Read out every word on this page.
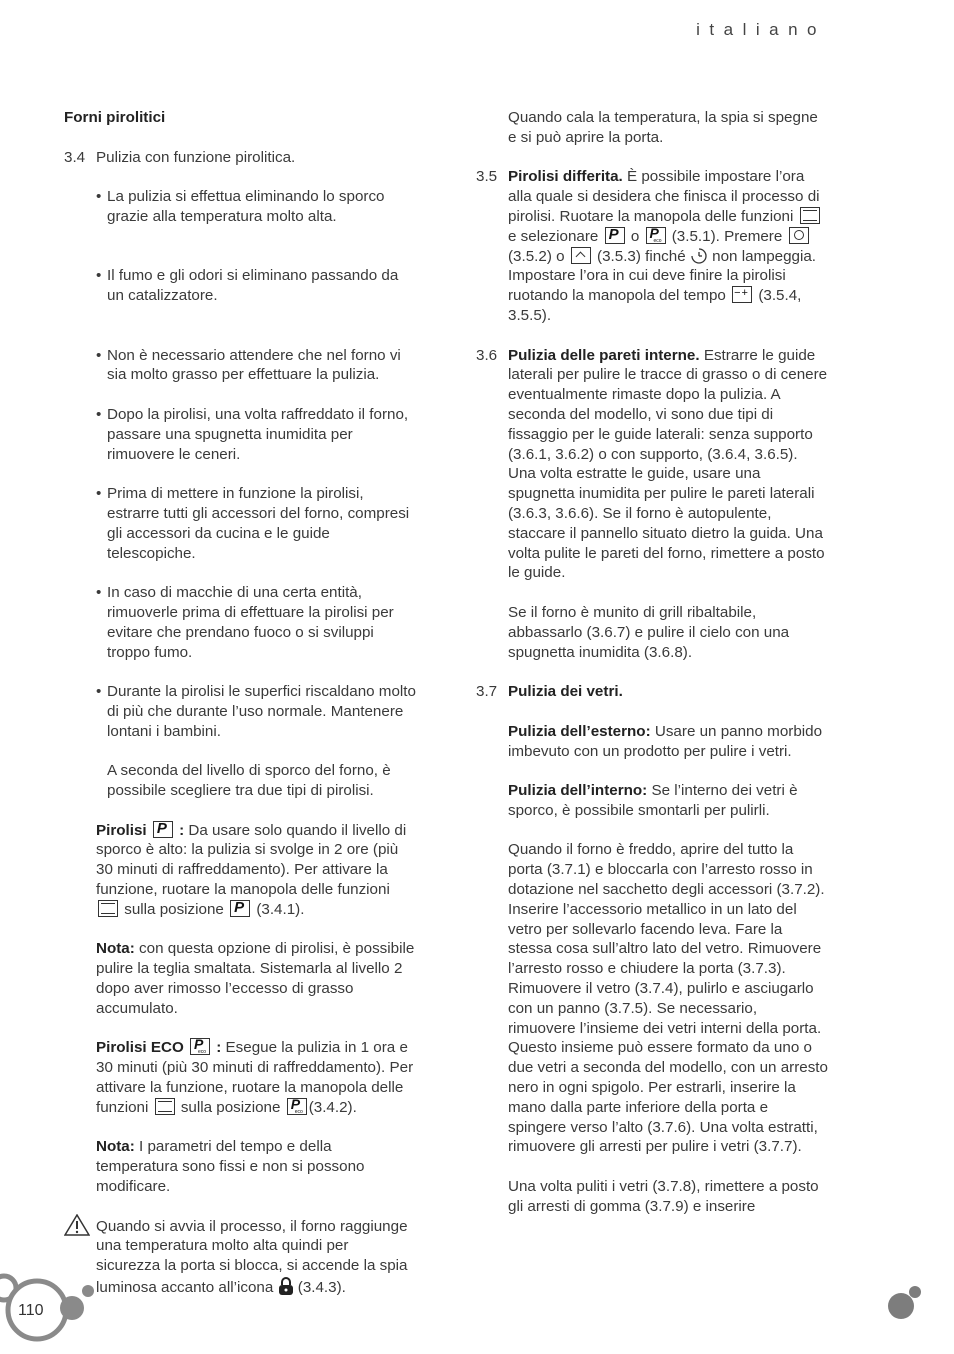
italiano

Forni pirolitici

3.4 Pulizia con funzione pirolitica.

• La pulizia si effettua eliminando lo sporco grazie alla temperatura molto alta.

• Il fumo e gli odori si eliminano passando da un catalizzatore.

• Non è necessario attendere che nel forno vi sia molto grasso per effettuare la pulizia.

• Dopo la pirolisi, una volta raffreddato il forno, passare una spugnetta inumidita per rimuovere le ceneri.

• Prima di mettere in funzione la pirolisi, estrarre tutti gli accessori del forno, compresi gli accessori da cucina e le guide telescopiche.

• In caso di macchie di una certa entità, rimuoverle prima di effettuare la pirolisi per evitare che prendano fuoco o si sviluppi troppo fumo.

• Durante la pirolisi le superfici riscaldano molto di più che durante l’uso normale. Mantenere lontani i bambini.

A seconda del livello di sporco del forno, è possibile scegliere tra due tipi di pirolisi.

Pirolisi P : Da usare solo quando il livello di sporco è alto: la pulizia si svolge in 2 ore (più 30 minuti di raffreddamento). Per attivare la funzione, ruotare la manopola delle funzioni  sulla posizione P (3.4.1).

Nota: con questa opzione di pirolisi, è possibile pulire la teglia smaltata. Sistemarla al livello 2 dopo aver rimosso l’eccesso di grasso accumulato.

Pirolisi ECO eco P : Esegue la pulizia in 1 ora e 30 minuti (più 30 minuti di raffreddamento). Per attivare la funzione, ruotare la manopola delle funzioni sulla posizione eco P (3.4.2).

Nota: I parametri del tempo e della temperatura sono fissi e non si possono modificare.

Quando si avvia il processo, il forno raggiunge una temperatura molto alta quindi per sicurezza la porta si blocca, si accende la spia luminosa accanto all’icona (3.4.3).

Quando cala la temperatura, la spia si spegne e si può aprire la porta.

3.5 Pirolisi differita. È possibile impostare l’ora alla quale si desidera che finisca il processo di pirolisi. Ruotare la manopola delle funzioni  e selezionare P o eco P (3.5.1). Premere  (3.5.2) o (3.5.3) finché non lampeggia. Impostare l’ora in cui deve finire la pirolisi ruotando la manopola del tempo − + (3.5.4, 3.5.5).

3.6 Pulizia delle pareti interne. Estrarre le guide laterali per pulire le tracce di grasso o di cenere eventualmente rimaste dopo la pulizia. A seconda del modello, vi sono due tipi di fissaggio per le guide laterali: senza supporto (3.6.1, 3.6.2) o con supporto, (3.6.4, 3.6.5). Una volta estratte le guide, usare una spugnetta inumidita per pulire le pareti laterali (3.6.3, 3.6.6). Se il forno è autopulente, staccare il pannello situato dietro la guida. Una volta pulite le pareti del forno, rimettere a posto le guide.

Se il forno è munito di grill ribaltabile, abbassarlo (3.6.7) e pulire il cielo con una spugnetta inumidita (3.6.8).

3.7 Pulizia dei vetri.

Pulizia dell’esterno: Usare un panno morbido imbevuto con un prodotto per pulire i vetri.

Pulizia dell’interno: Se l’interno dei vetri è sporco, è possibile smontarli per pulirli.

Quando il forno è freddo, aprire del tutto la porta (3.7.1) e bloccarla con l’arresto rosso in dotazione nel sacchetto degli accessori (3.7.2). Inserire l’accessorio metallico in un lato del vetro per sollevarlo facendo leva. Fare la stessa cosa sull’altro lato del vetro. Rimuovere l’arresto rosso e chiudere la porta (3.7.3). Rimuovere il vetro (3.7.4), pulirlo e asciugarlo con un panno (3.7.5). Se necessario, rimuovere l’insieme dei vetri interni della porta. Questo insieme può essere formato da uno o due vetri a seconda del modello, con un arresto nero in ogni spigolo. Per estrarli, inserire la mano dalla parte inferiore della porta e spingere verso l’alto (3.7.6). Una volta estratti, rimuovere gli arresti per pulire i vetri (3.7.7).

Una volta puliti i vetri (3.7.8), rimettere a posto gli arresti di gomma (3.7.9) e inserire

110
